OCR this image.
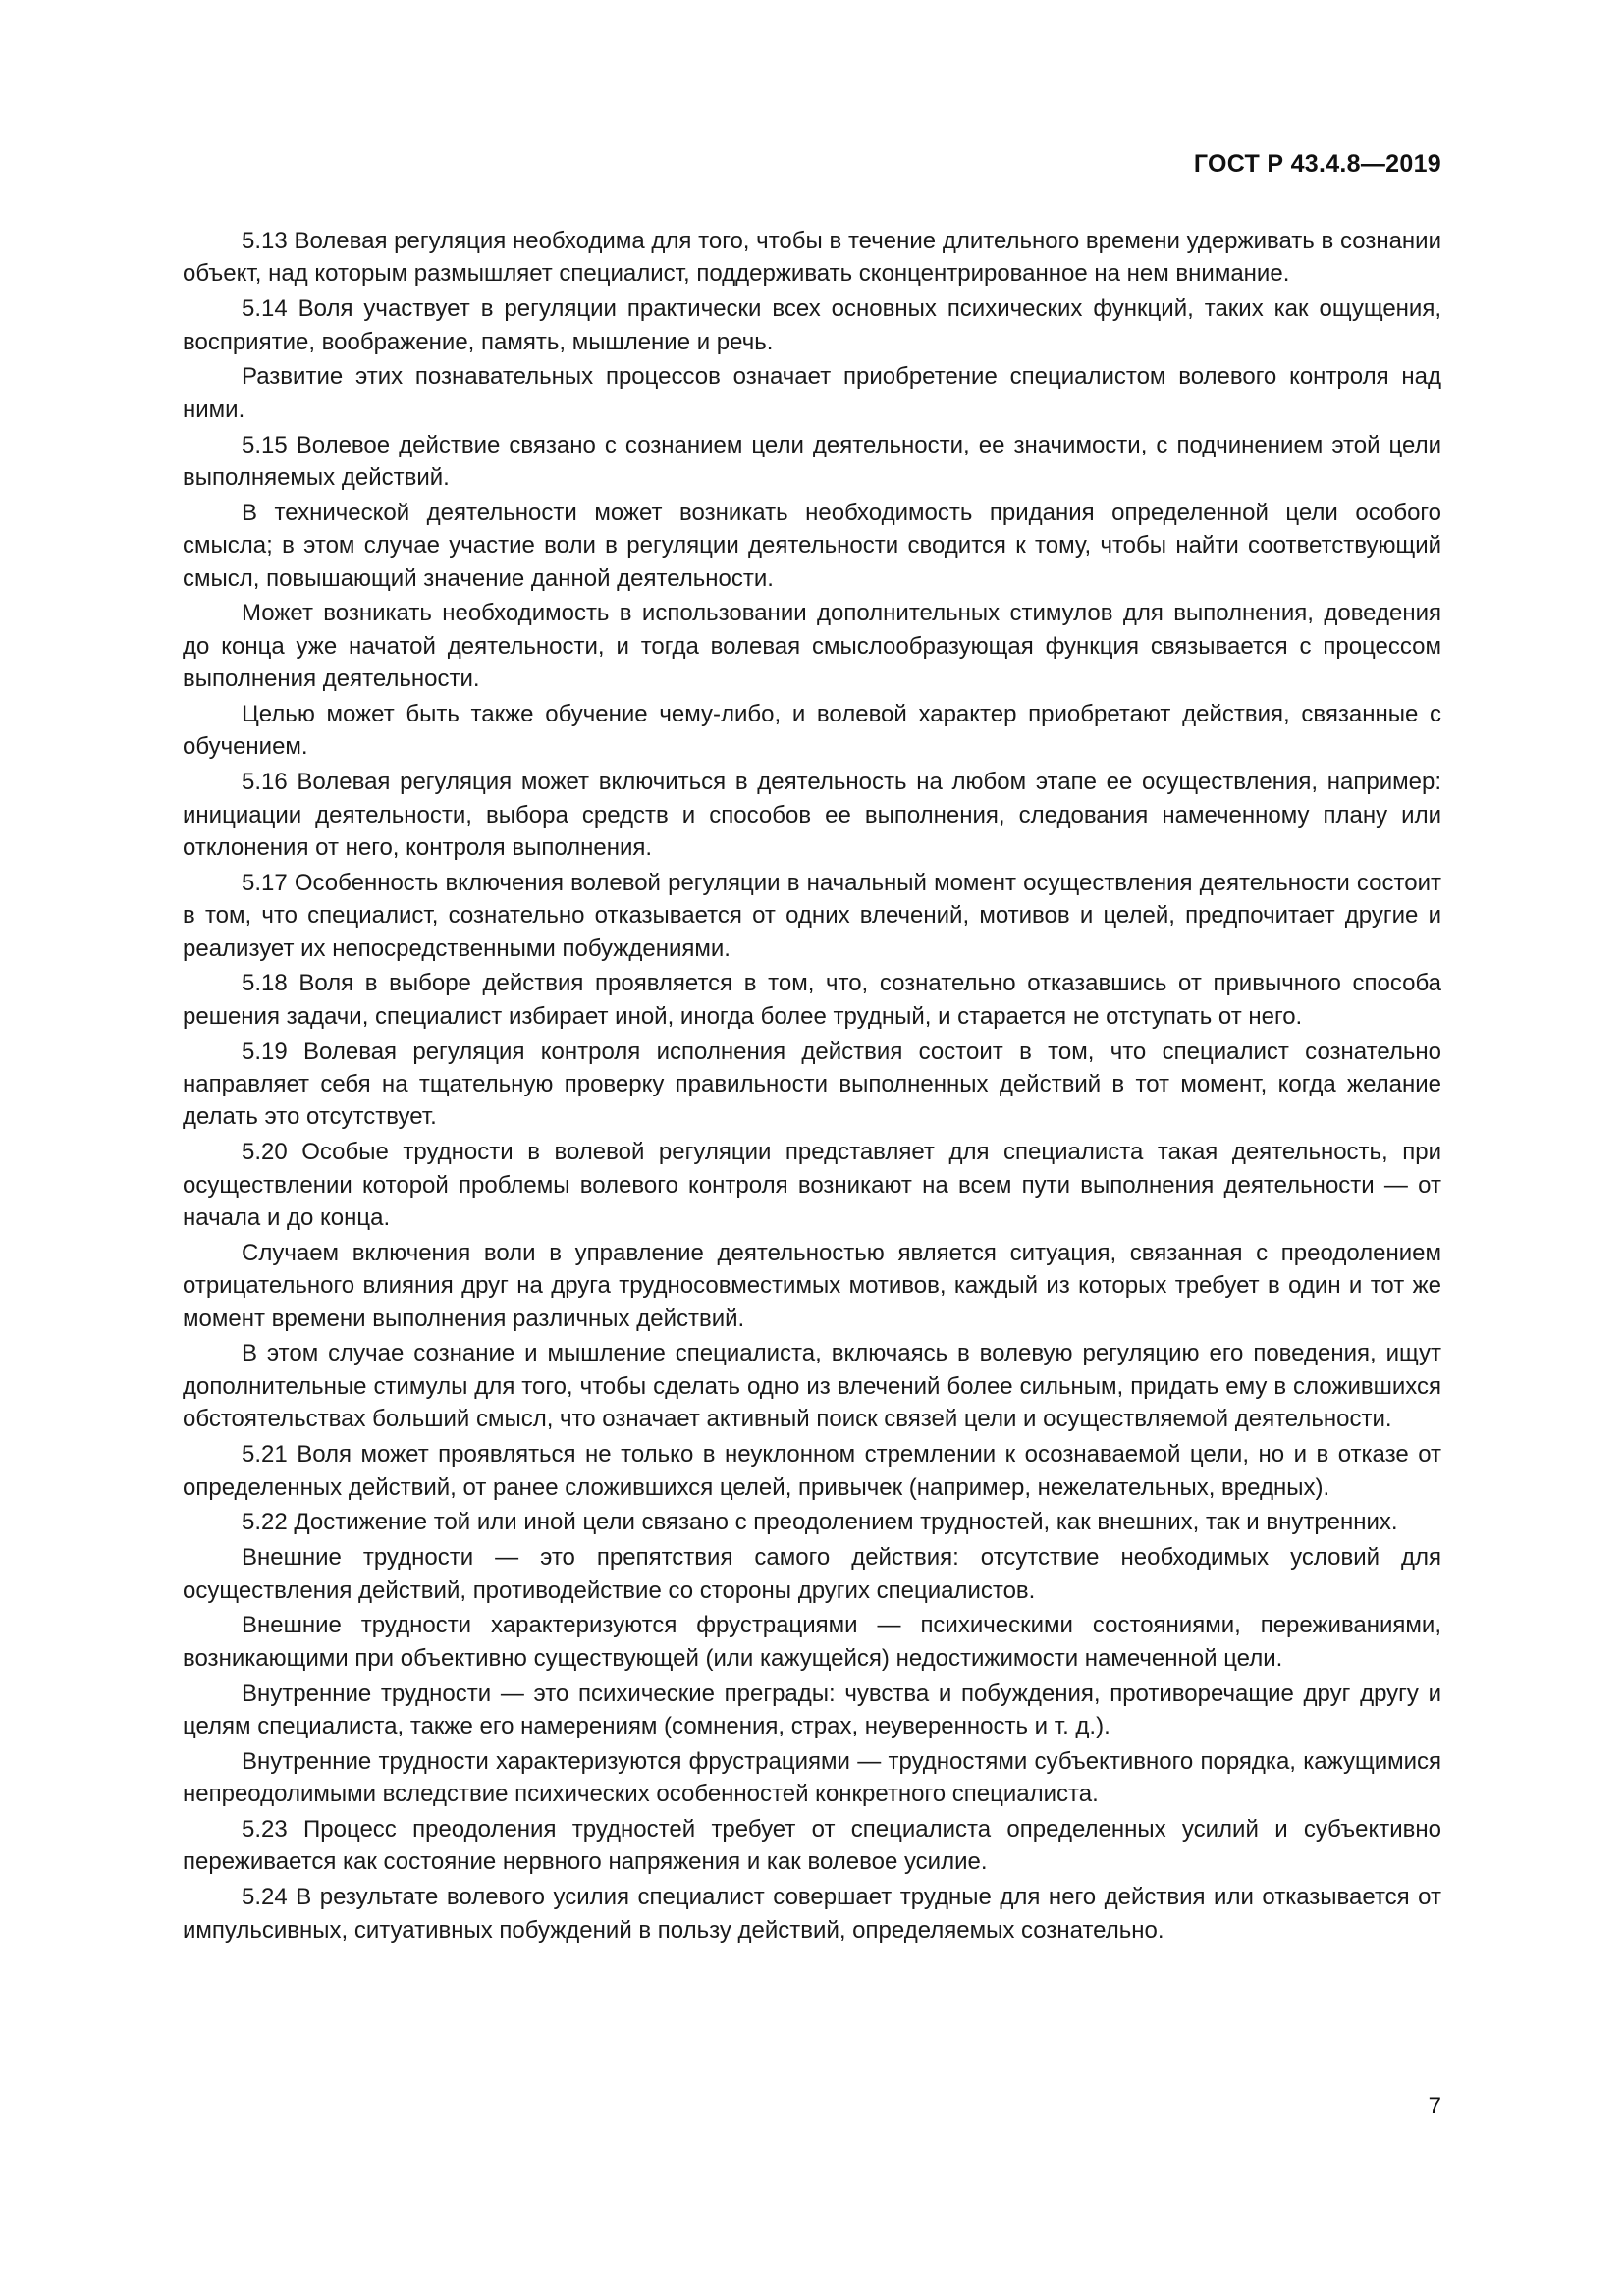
ГОСТ Р 43.4.8—2019

5.13 Волевая регуляция необходима для того, чтобы в течение длительного времени удерживать в сознании объект, над которым размышляет специалист, поддерживать сконцентрированное на нем внимание.

5.14 Воля участвует в регуляции практически всех основных психических функций, таких как ощущения, восприятие, воображение, память, мышление и речь.

Развитие этих познавательных процессов означает приобретение специалистом волевого контроля над ними.

5.15 Волевое действие связано с сознанием цели деятельности, ее значимости, с подчинением этой цели выполняемых действий.

В технической деятельности может возникать необходимость придания определенной цели особого смысла; в этом случае участие воли в регуляции деятельности сводится к тому, чтобы найти соответствующий смысл, повышающий значение данной деятельности.

Может возникать необходимость в использовании дополнительных стимулов для выполнения, доведения до конца уже начатой деятельности, и тогда волевая смыслообразующая функция связывается с процессом выполнения деятельности.

Целью может быть также обучение чему-либо, и волевой характер приобретают действия, связанные с обучением.

5.16 Волевая регуляция может включиться в деятельность на любом этапе ее осуществления, например: инициации деятельности, выбора средств и способов ее выполнения, следования намеченному плану или отклонения от него, контроля выполнения.

5.17 Особенность включения волевой регуляции в начальный момент осуществления деятельности состоит в том, что специалист, сознательно отказывается от одних влечений, мотивов и целей, предпочитает другие и реализует их непосредственными побуждениями.

5.18 Воля в выборе действия проявляется в том, что, сознательно отказавшись от привычного способа решения задачи, специалист избирает иной, иногда более трудный, и старается не отступать от него.

5.19 Волевая регуляция контроля исполнения действия состоит в том, что специалист сознательно направляет себя на тщательную проверку правильности выполненных действий в тот момент, когда желание делать это отсутствует.

5.20 Особые трудности в волевой регуляции представляет для специалиста такая деятельность, при осуществлении которой проблемы волевого контроля возникают на всем пути выполнения деятельности — от начала и до конца.

Случаем включения воли в управление деятельностью является ситуация, связанная с преодолением отрицательного влияния друг на друга трудносовместимых мотивов, каждый из которых требует в один и тот же момент времени выполнения различных действий.

В этом случае сознание и мышление специалиста, включаясь в волевую регуляцию его поведения, ищут дополнительные стимулы для того, чтобы сделать одно из влечений более сильным, придать ему в сложившихся обстоятельствах больший смысл, что означает активный поиск связей цели и осуществляемой деятельности.

5.21 Воля может проявляться не только в неуклонном стремлении к осознаваемой цели, но и в отказе от определенных действий, от ранее сложившихся целей, привычек (например, нежелательных, вредных).

5.22 Достижение той или иной цели связано с преодолением трудностей, как внешних, так и внутренних.

Внешние трудности — это препятствия самого действия: отсутствие необходимых условий для осуществления действий, противодействие со стороны других специалистов.

Внешние трудности характеризуются фрустрациями — психическими состояниями, переживаниями, возникающими при объективно существующей (или кажущейся) недостижимости намеченной цели.

Внутренние трудности — это психические преграды: чувства и побуждения, противоречащие друг другу и целям специалиста, также его намерениям (сомнения, страх, неуверенность и т. д.).

Внутренние трудности характеризуются фрустрациями — трудностями субъективного порядка, кажущимися непреодолимыми вследствие психических особенностей конкретного специалиста.

5.23 Процесс преодоления трудностей требует от специалиста определенных усилий и субъективно переживается как состояние нервного напряжения и как волевое усилие.

5.24 В результате волевого усилия специалист совершает трудные для него действия или отказывается от импульсивных, ситуативных побуждений в пользу действий, определяемых сознательно.

7
